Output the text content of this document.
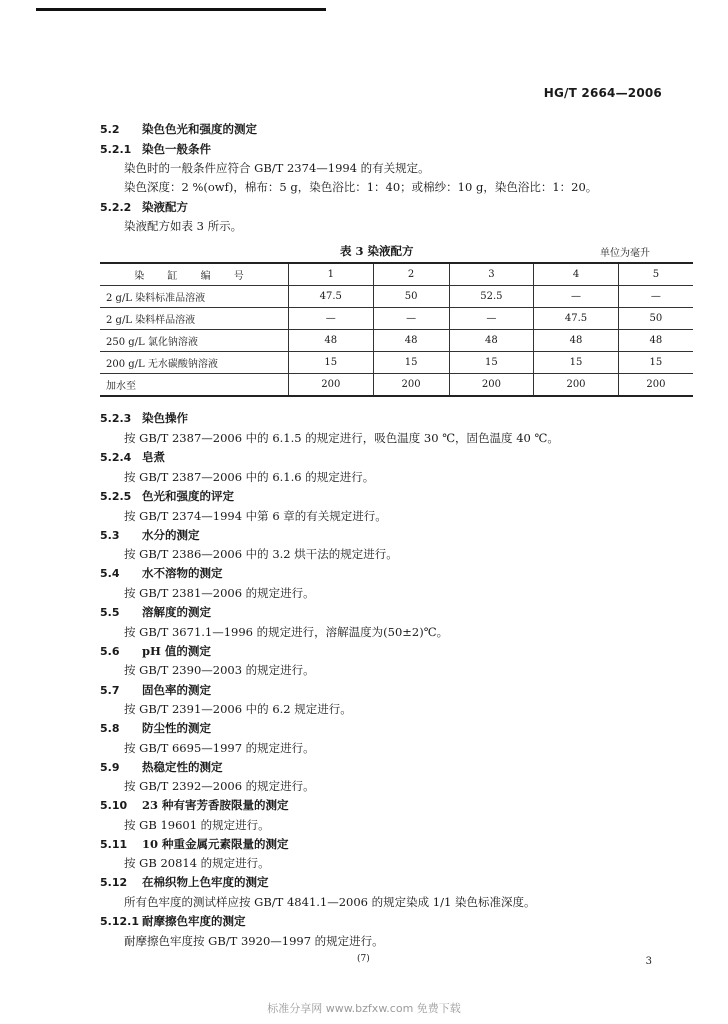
HG/T 2664—2006
5.2 染色色光和强度的测定
5.2.1 染色一般条件
染色时的一般条件应符合 GB/T 2374—1994 的有关规定。
染色深度：2 %(owf)，棉布：5 g，染色浴比：1：40；或棉纱：10 g，染色浴比：1：20。
5.2.2 染液配方
染液配方如表 3 所示。
表 3 染液配方	单位为毫升
染 缸 编 号	1	2	3	4	5
2 g/L 染料标准品溶液	47.5	50	52.5	—	—
2 g/L 染料样品溶液	—	—	—	47.5	50
250 g/L 氯化钠溶液	48	48	48	48	48
200 g/L 无水碳酸钠溶液	15	15	15	15	15
加水至	200	200	200	200	200
5.2.3 染色操作
按 GB/T 2387—2006 中的 6.1.5 的规定进行，吸色温度 30 ℃，固色温度 40 ℃。
5.2.4 皂煮
按 GB/T 2387—2006 中的 6.1.6 的规定进行。
5.2.5 色光和强度的评定
按 GB/T 2374—1994 中第 6 章的有关规定进行。
5.3 水分的测定
按 GB/T 2386—2006 中的 3.2 烘干法的规定进行。
5.4 水不溶物的测定
按 GB/T 2381—2006 的规定进行。
5.5 溶解度的测定
按 GB/T 3671.1—1996 的规定进行，溶解温度为(50±2)℃。
5.6 pH 值的测定
按 GB/T 2390—2003 的规定进行。
5.7 固色率的测定
按 GB/T 2391—2006 中的 6.2 规定进行。
5.8 防尘性的测定
按 GB/T 6695—1997 的规定进行。
5.9 热稳定性的测定
按 GB/T 2392—2006 的规定进行。
5.10 23 种有害芳香胺限量的测定
按 GB 19601 的规定进行。
5.11 10 种重金属元素限量的测定
按 GB 20814 的规定进行。
5.12 在棉织物上色牢度的测定
所有色牢度的测试样应按 GB/T 4841.1—2006 的规定染成 1/1 染色标准深度。
5.12.1 耐摩擦色牢度的测定
耐摩擦色牢度按 GB/T 3920—1997 的规定进行。
(7)	3
标准分享网 www.bzfxw.com 免费下载
